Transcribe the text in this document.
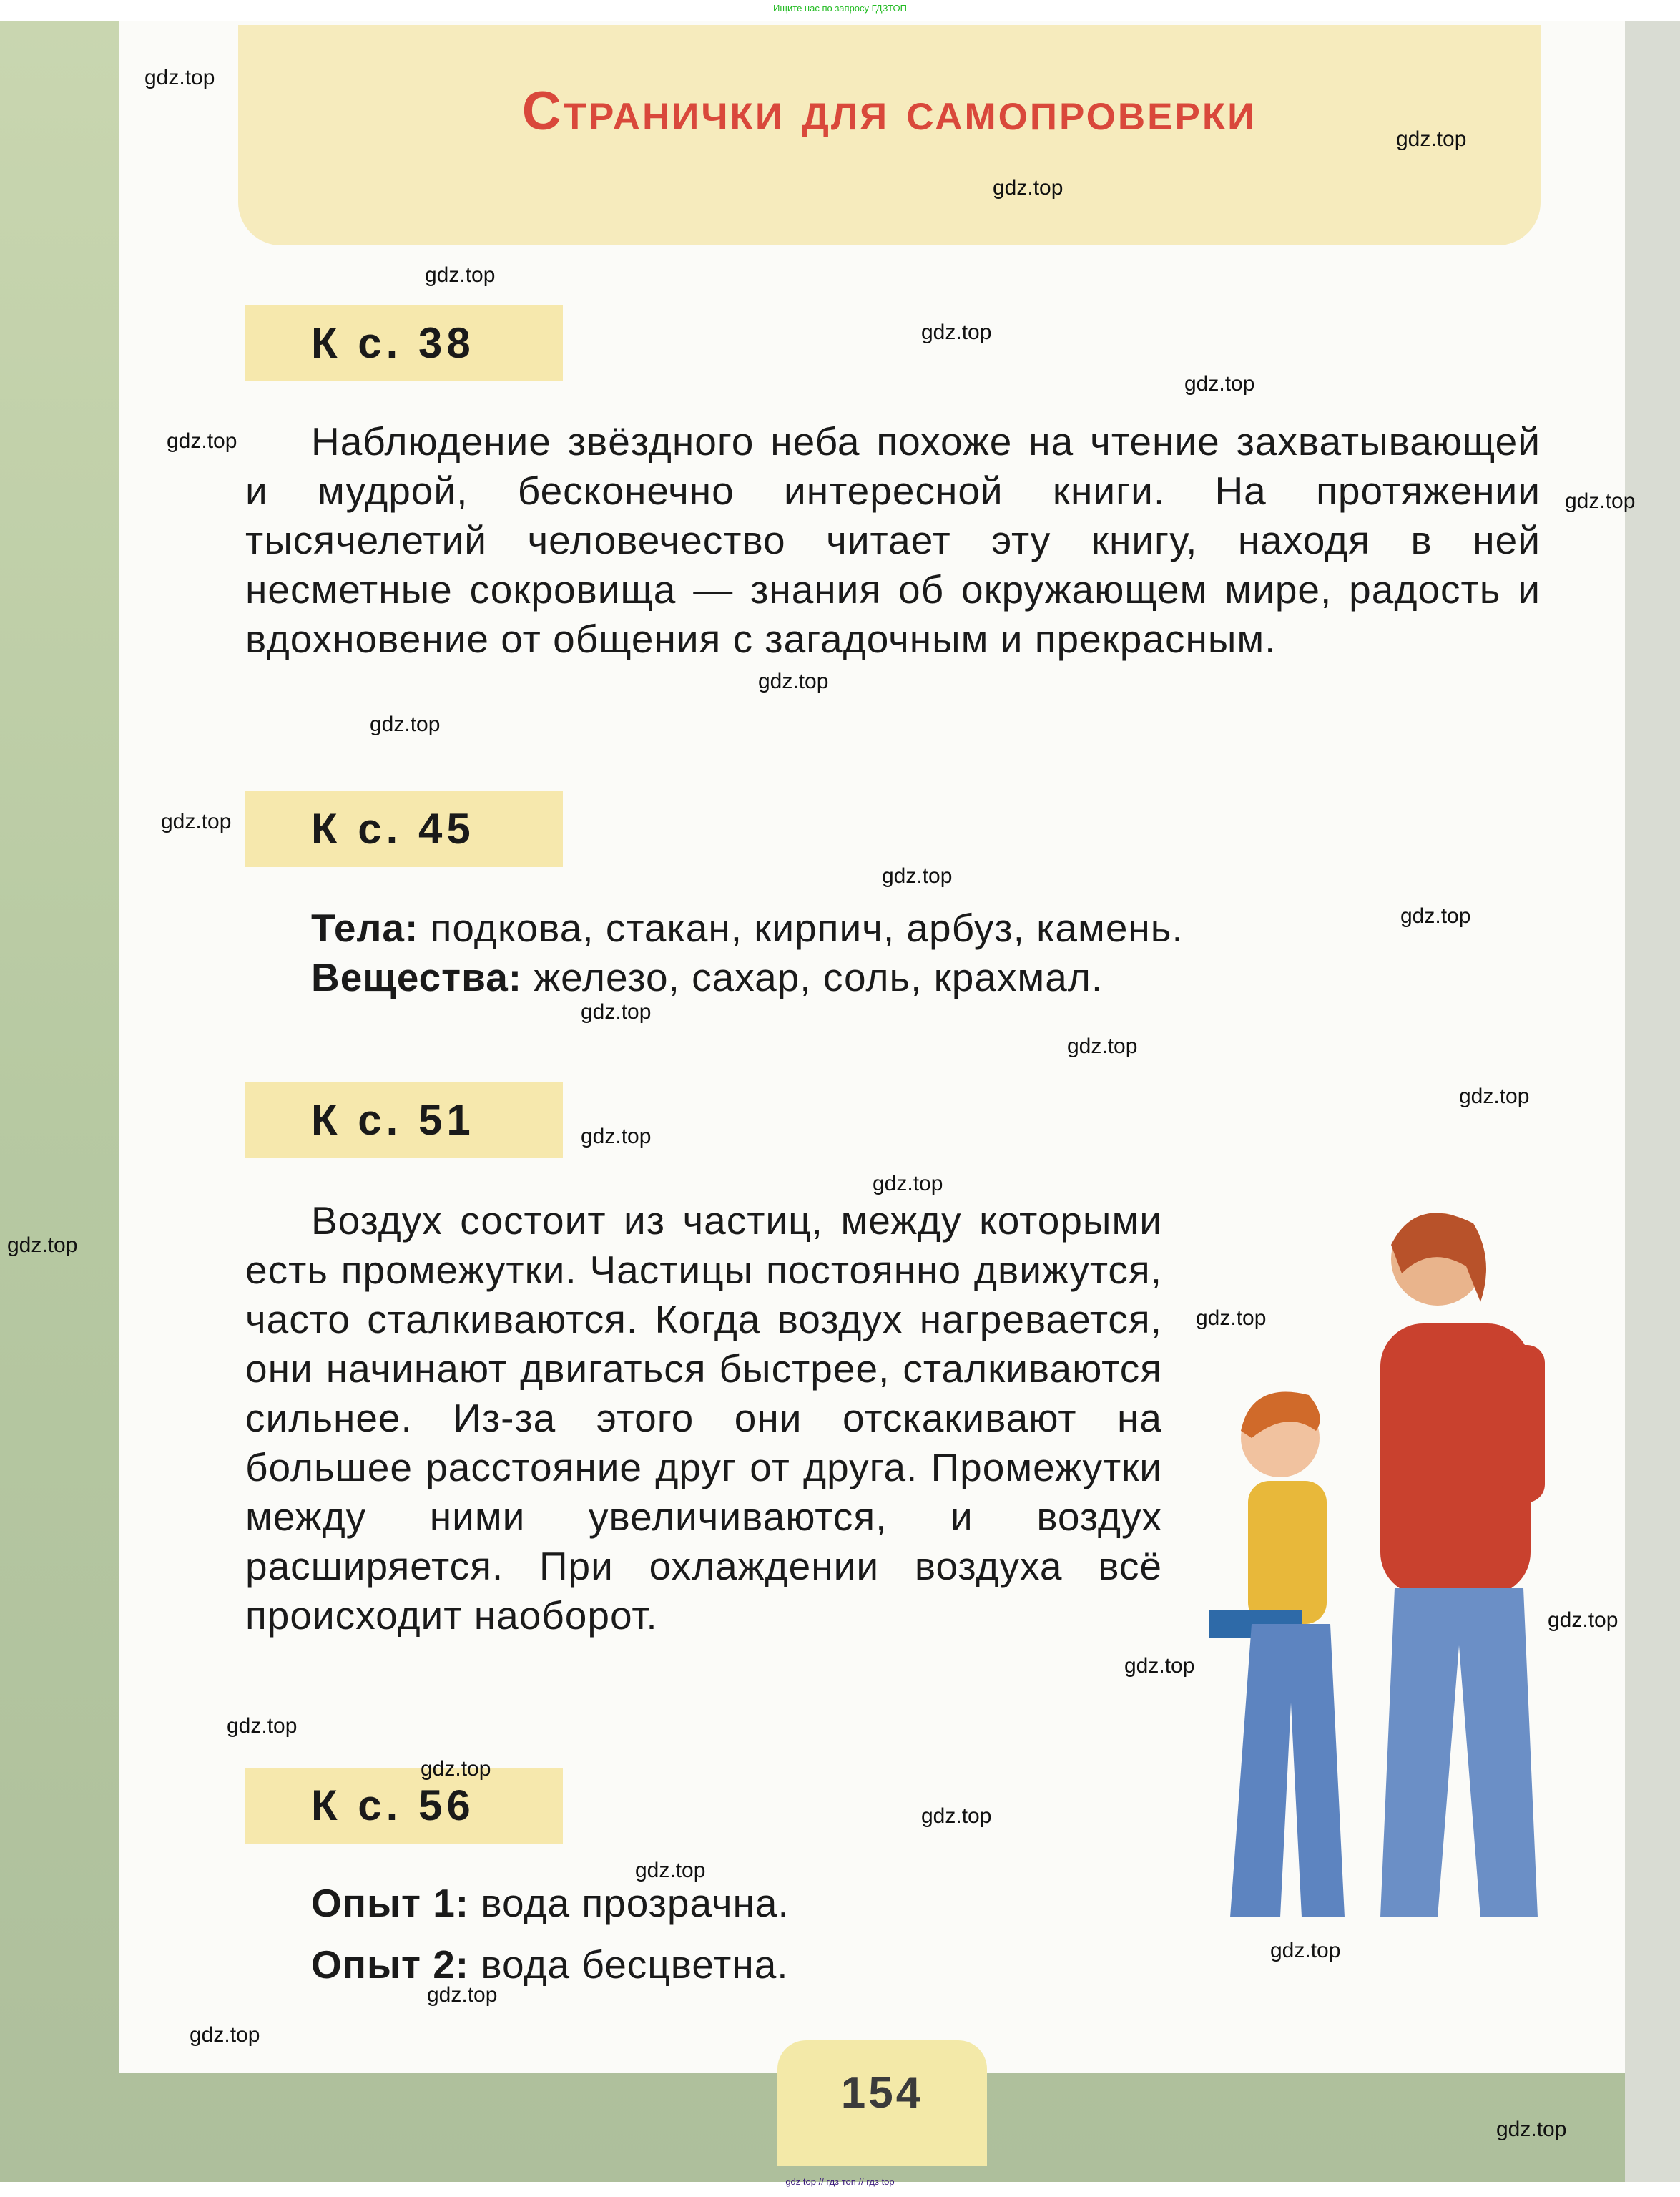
Ищите нас по запросу ГДЗТОП
Странички для самопроверки
К с. 38
Наблюдение звёздного неба похоже на чтение захватывающей и мудрой, бесконечно интересной книги. На протяжении тысячелетий человечество читает эту книгу, находя в ней несметные сокровища — знания об окружающем мире, радость и вдохновение от общения с загадочным и прекрасным.
К с. 45
Тела: подкова, стакан, кирпич, арбуз, камень.
Вещества: железо, сахар, соль, крахмал.
К с. 51
Воздух состоит из частиц, между которыми есть промежутки. Частицы постоянно движутся, часто сталкиваются. Когда воздух нагревается, они начинают двигаться быстрее, сталкиваются сильнее. Из-за этого они отскакивают на большее расстояние друг от друга. Промежутки между ними увеличиваются, и воздух расширяется. При охлаждении воздуха всё происходит наоборот.
К с. 56
Опыт 1: вода прозрачна.
Опыт 2: вода бесцветна.
154
gdz.top
gdz.top
gdz.top
gdz.top
gdz.top
gdz.top
gdz.top
gdz.top
gdz.top
gdz.top
gdz.top
gdz.top
gdz.top
gdz.top
gdz.top
gdz.top
gdz.top
gdz.top
gdz.top
gdz.top
gdz.top
gdz.top
gdz.top
gdz.top
gdz.top
gdz.top
gdz.top
gdz.top
gdz.top
gdz.top
gdz top // гдз топ // гдз top
